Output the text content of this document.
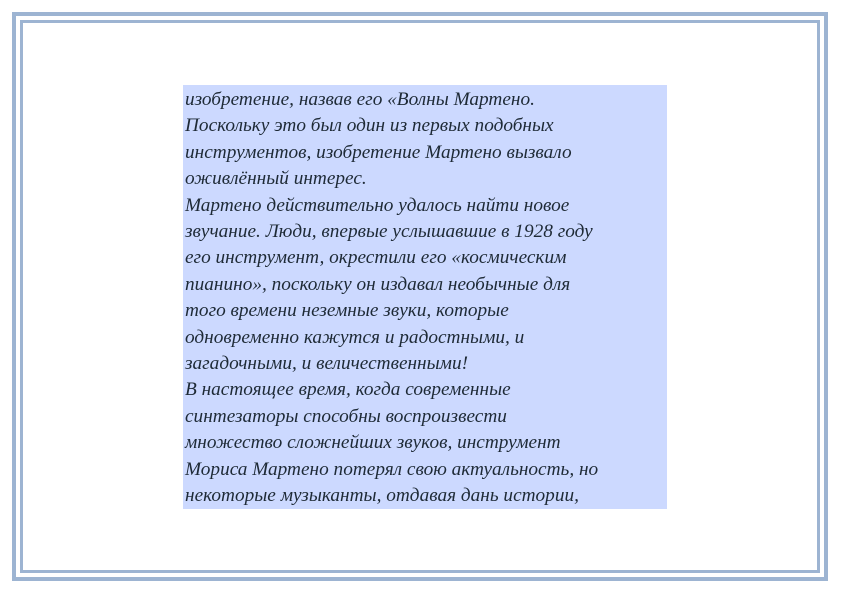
изобретение, назвав его «Волны Мартено.
Поскольку это был один из первых подобных
инструментов, изобретение Мартено вызвало
оживлённый интерес.

Мартено действительно удалось найти новое
звучание. Люди, впервые услышавшие в 1928 году
его инструмент, окрестили его «космическим
пианино», поскольку он издавал необычные для
того времени неземные звуки, которые
одновременно кажутся и радостными, и
загадочными, и величественными!

В настоящее время, когда современные
синтезаторы способны воспроизвести
множество сложнейших звуков, инструмент
Мориса Мартено потерял свою актуальность, но
некоторые музыканты, отдавая дань истории,
